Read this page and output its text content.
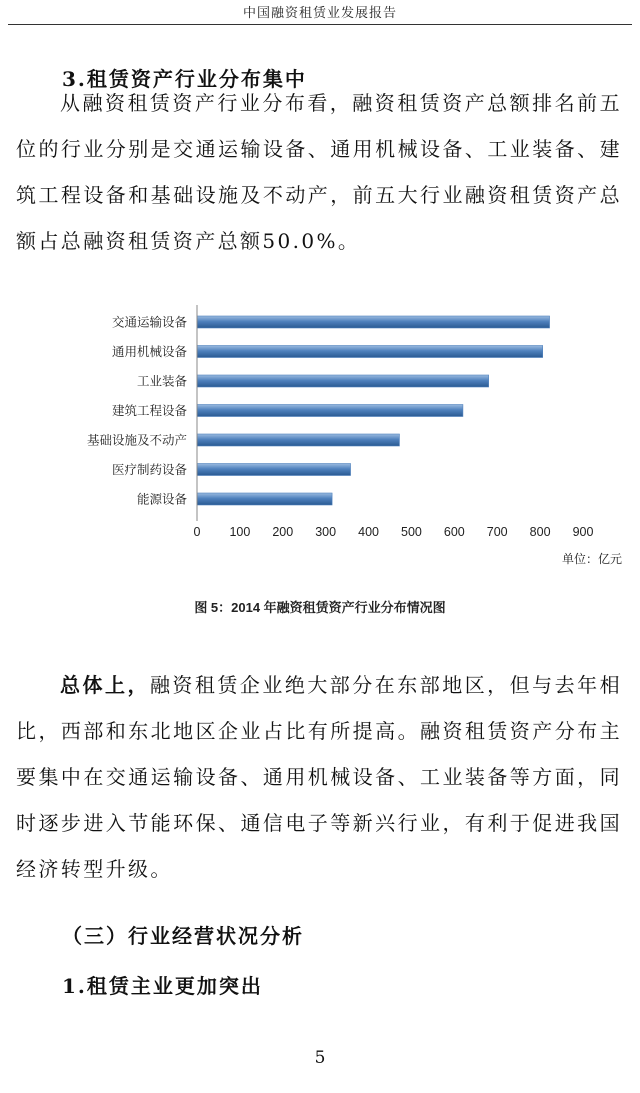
中国融资租赁业发展报告
3.租赁资产行业分布集中

从融资租赁资产行业分布看，融资租赁资产总额排名前五位的行业分别是交通运输设备、通用机械设备、工业装备、建筑工程设备和基础设施及不动产，前五大行业融资租赁资产总额占总融资租赁资产总额50.0%。

交通运输设备
通用机械设备
工业装备
建筑工程设备
基础设施及不动产
医疗制药设备
能源设备
0 100 200 300 400 500 600 700 800 900
单位：亿元
图 5：2014 年融资租赁资产行业分布情况图

总体上，融资租赁企业绝大部分在东部地区，但与去年相比，西部和东北地区企业占比有所提高。融资租赁资产分布主要集中在交通运输设备、通用机械设备、工业装备等方面，同时逐步进入节能环保、通信电子等新兴行业，有利于促进我国经济转型升级。

（三）行业经营状况分析
1.租赁主业更加突出
5
